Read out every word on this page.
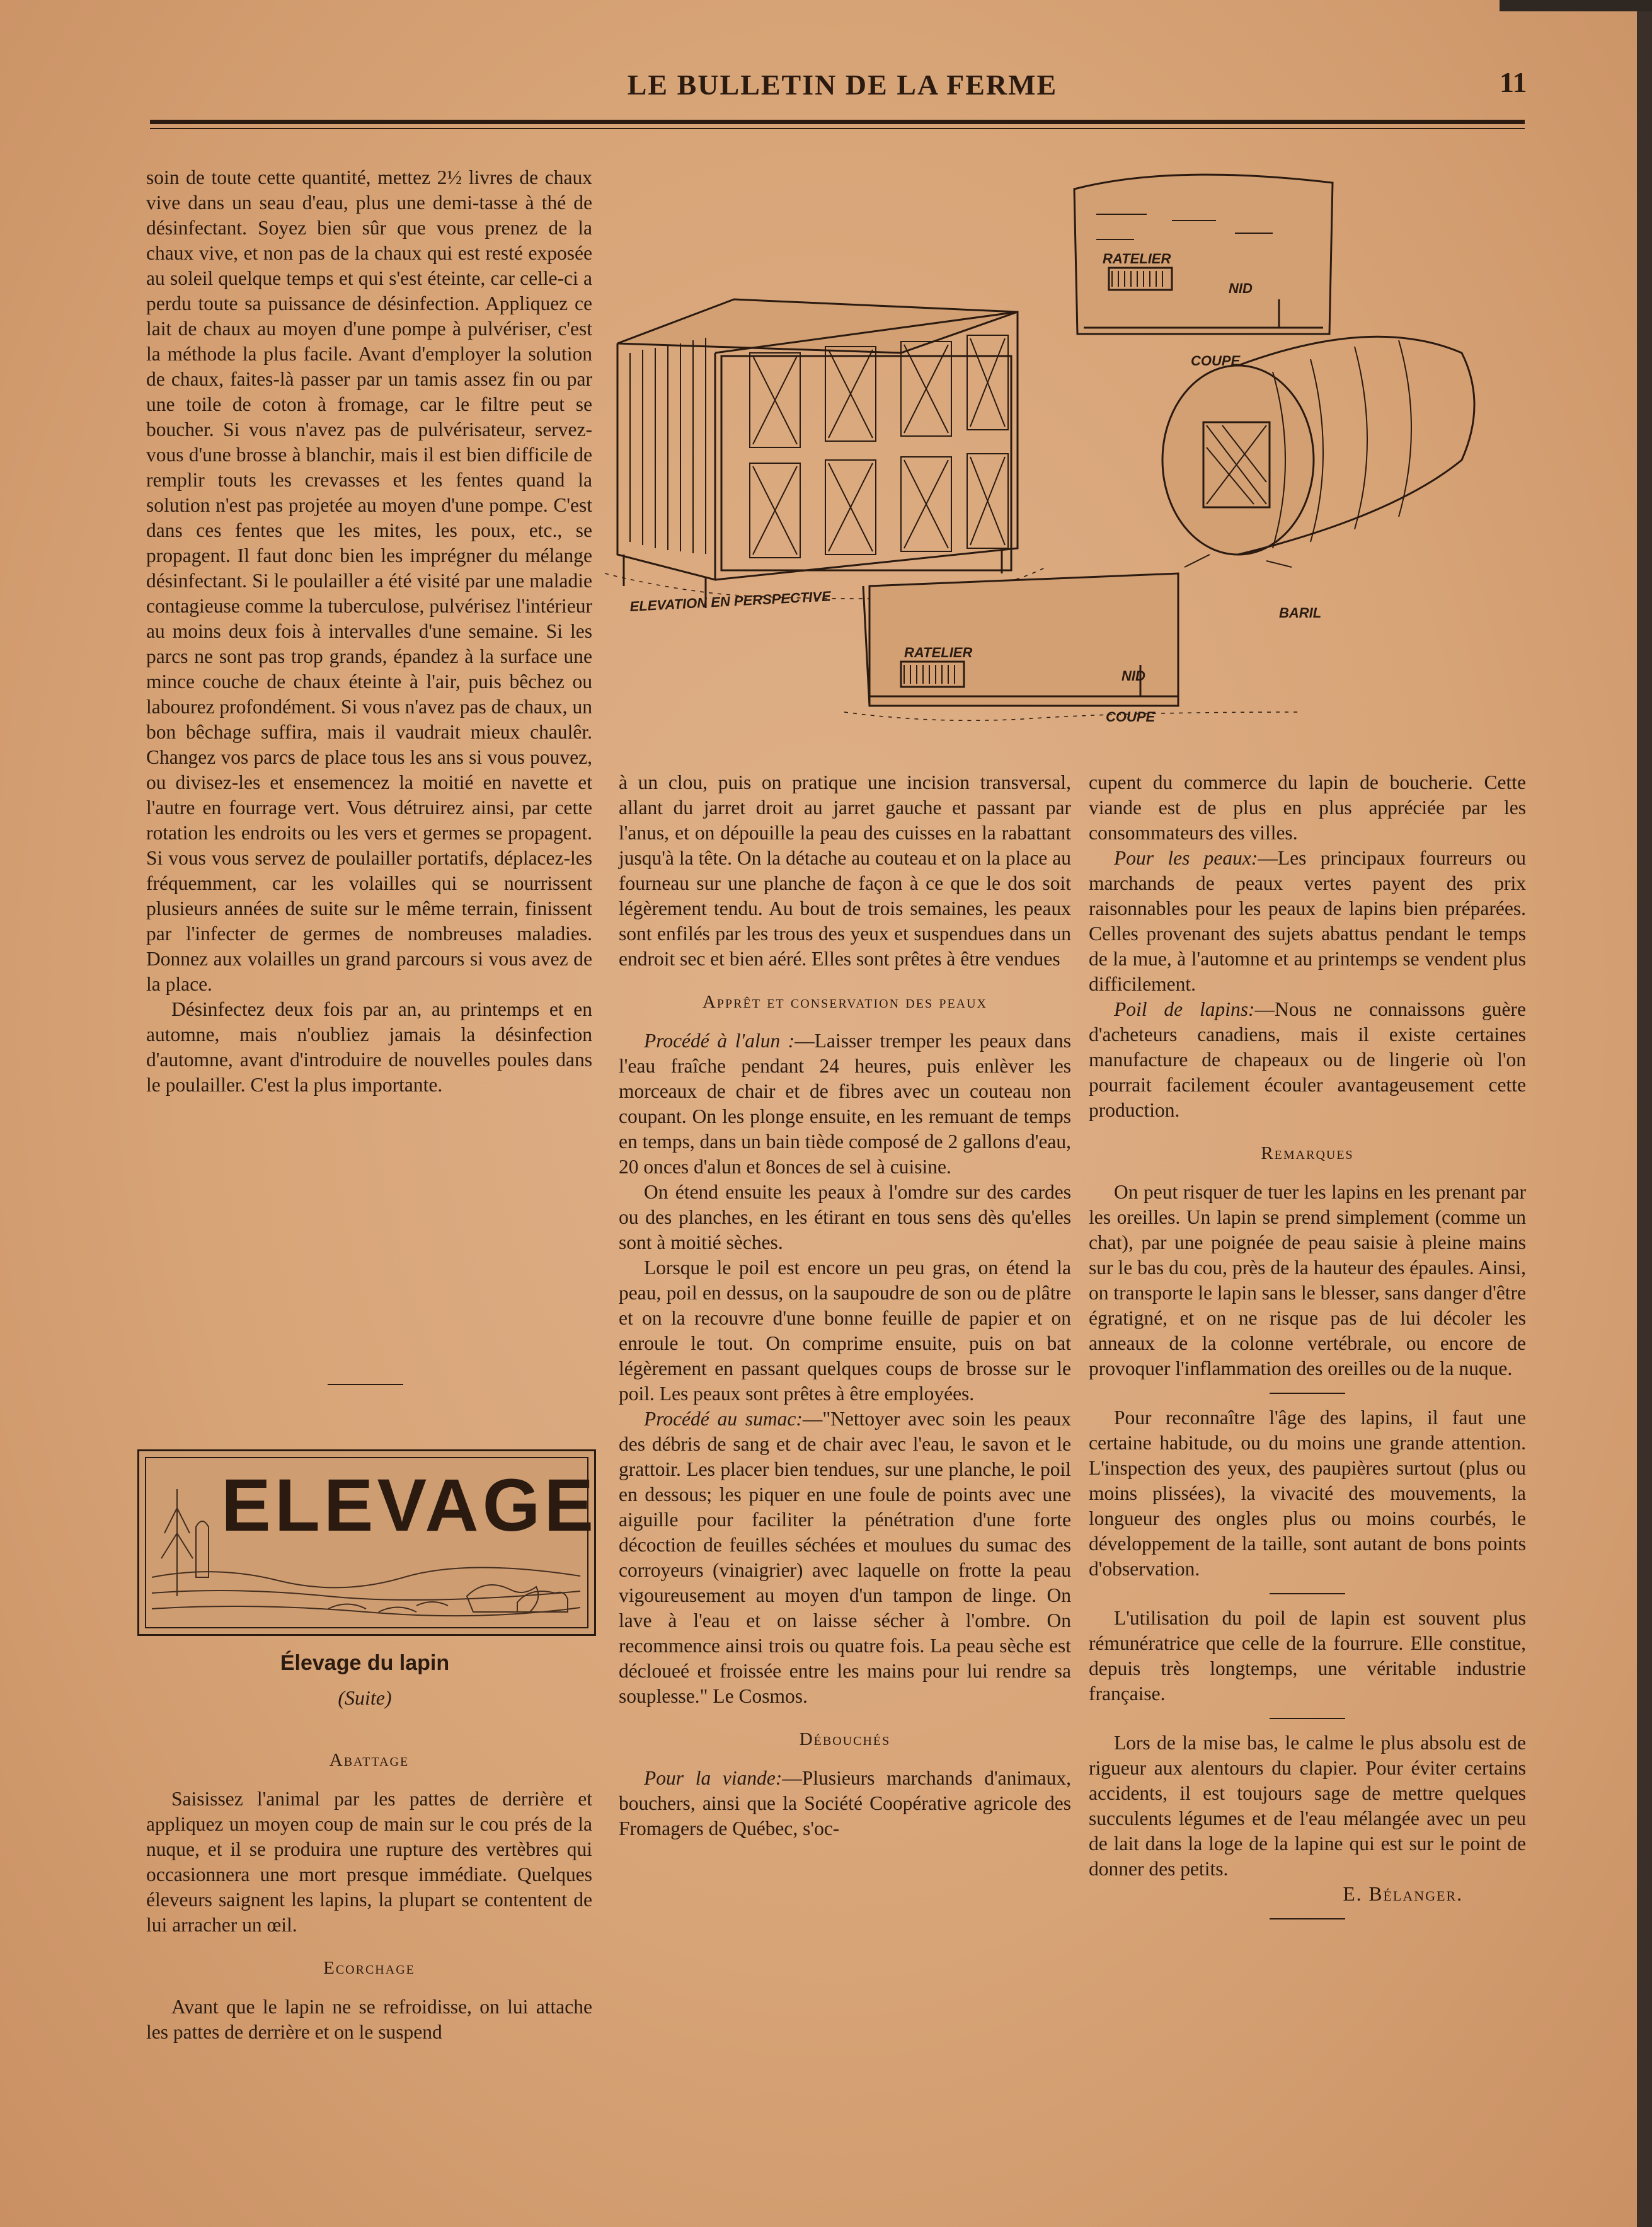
LE BULLETIN DE LA FERME	11

soin de toute cette quantité, mettez 2½ livres de chaux vive dans un seau d'eau, plus une demi-tasse à thé de désinfectant. Soyez bien sûr que vous prenez de la chaux vive, et non pas de la chaux qui est resté exposée au soleil quelque temps et qui s'est éteinte, car celle-ci a perdu toute sa puissance de désinfection. Appliquez ce lait de chaux au moyen d'une pompe à pulvériser, c'est la méthode la plus facile. Avant d'employer la solution de chaux, faites-là passer par un tamis assez fin ou par une toile de coton à fromage, car le filtre peut se boucher. Si vous n'avez pas de pulvérisateur, servez-vous d'une brosse à blanchir, mais il est bien difficile de remplir touts les crevasses et les fentes quand la solution n'est pas projetée au moyen d'une pompe. C'est dans ces fentes que les mites, les poux, etc., se propagent. Il faut donc bien les imprégner du mélange désinfectant. Si le poulailler a été visité par une maladie contagieuse comme la tuberculose, pulvérisez l'intérieur au moins deux fois à intervalles d'une semaine. Si les parcs ne sont pas trop grands, épandez à la surface une mince couche de chaux éteinte à l'air, puis bêchez ou labourez profondément. Si vous n'avez pas de chaux, un bon bêchage suffira, mais il vaudrait mieux chaulêr. Changez vos parcs de place tous les ans si vous pouvez, ou divisez-les et ensemencez la moitié en navette et l'autre en fourrage vert. Vous détruirez ainsi, par cette rotation les endroits ou les vers et germes se propagent. Si vous vous servez de poulailler portatifs, déplacez-les fréquemment, car les volailles qui se nourrissent plusieurs années de suite sur le même terrain, finissent par l'infecter de germes de nombreuses maladies. Donnez aux volailles un grand parcours si vous avez de la place.

Désinfectez deux fois par an, au printemps et en automne, mais n'oubliez jamais la désinfection d'automne, avant d'introduire de nouvelles poules dans le poulailler. C'est la plus importante.

ELEVAGE
Élevage du lapin
(Suite)
Abattage

Saisissez l'animal par les pattes de derrière et appliquez un moyen coup de main sur le cou prés de la nuque, et il se produira une rupture des vertèbres qui occasionnera une mort presque immédiate. Quelques éleveurs saignent les lapins, la plupart se contentent de lui arracher un œil.

Ecorchage

Avant que le lapin ne se refroidisse, on lui attache les pattes de derrière et on le suspend

RATELIER
NID
COUPE
ELEVATION EN PERSPECTIVE	BARIL
RATELIER
NID
COUPE

à un clou, puis on pratique une incision transversal, allant du jarret droit au jarret gauche et passant par l'anus, et on dépouille la peau des cuisses en la rabattant jusqu'à la tête. On la détache au couteau et on la place au fourneau sur une planche de façon à ce que le dos soit légèrement tendu. Au bout de trois semaines, les peaux sont enfilés par les trous des yeux et suspendues dans un endroit sec et bien aéré. Elles sont prêtes à être vendues

Apprêt et conservation des peaux

Procédé à l'alun :—Laisser tremper les peaux dans l'eau fraîche pendant 24 heures, puis enlèver les morceaux de chair et de fibres avec un couteau non coupant. On les plonge ensuite, en les remuant de temps en temps, dans un bain tiède composé de 2 gallons d'eau, 20 onces d'alun et 8onces de sel à cuisine.

On étend ensuite les peaux à l'omdre sur des cardes ou des planches, en les étirant en tous sens dès qu'elles sont à moitié sèches.

Lorsque le poil est encore un peu gras, on étend la peau, poil en dessus, on la saupoudre de son ou de plâtre et on la recouvre d'une bonne feuille de papier et on enroule le tout. On comprime ensuite, puis on bat légèrement en passant quelques coups de brosse sur le poil. Les peaux sont prêtes à être employées.

Procédé au sumac:—"Nettoyer avec soin les peaux des débris de sang et de chair avec l'eau, le savon et le grattoir. Les placer bien tendues, sur une planche, le poil en dessous; les piquer en une foule de points avec une aiguille pour faciliter la pénétration d'une forte décoction de feuilles séchées et moulues du sumac des corroyeurs (vinaigrier) avec laquelle on frotte la peau vigoureusement au moyen d'un tampon de linge. On lave à l'eau et on laisse sécher à l'ombre. On recommence ainsi trois ou quatre fois. La peau sèche est décloueé et froissée entre les mains pour lui rendre sa souplesse." Le Cosmos.

Débouchés

Pour la viande:—Plusieurs marchands d'animaux, bouchers, ainsi que la Société Coopérative agricole des Fromagers de Québec, s'oc-

cupent du commerce du lapin de boucherie. Cette viande est de plus en plus appréciée par les consommateurs des villes.

Pour les peaux:—Les principaux fourreurs ou marchands de peaux vertes payent des prix raisonnables pour les peaux de lapins bien préparées. Celles provenant des sujets abattus pendant le temps de la mue, à l'automne et au printemps se vendent plus difficilement.

Poil de lapins:—Nous ne connaissons guère d'acheteurs canadiens, mais il existe certaines manufacture de chapeaux ou de lingerie où l'on pourrait facilement écouler avantageusement cette production.

Remarques

On peut risquer de tuer les lapins en les prenant par les oreilles. Un lapin se prend simplement (comme un chat), par une poignée de peau saisie à pleine mains sur le bas du cou, près de la hauteur des épaules. Ainsi, on transporte le lapin sans le blesser, sans danger d'être égratigné, et on ne risque pas de lui décoler les anneaux de la colonne vertébrale, ou encore de provoquer l'inflammation des oreilles ou de la nuque.

Pour reconnaître l'âge des lapins, il faut une certaine habitude, ou du moins une grande attention. L'inspection des yeux, des paupières surtout (plus ou moins plissées), la vivacité des mouvements, la longueur des ongles plus ou moins courbés, le développement de la taille, sont autant de bons points d'observation.

L'utilisation du poil de lapin est souvent plus rémunératrice que celle de la fourrure. Elle constitue, depuis très longtemps, une véritable industrie française.

Lors de la mise bas, le calme le plus absolu est de rigueur aux alentours du clapier. Pour éviter certains accidents, il est toujours sage de mettre quelques succulents légumes et de l'eau mélangée avec un peu de lait dans la loge de la lapine qui est sur le point de donner des petits.

E. Bélanger.
